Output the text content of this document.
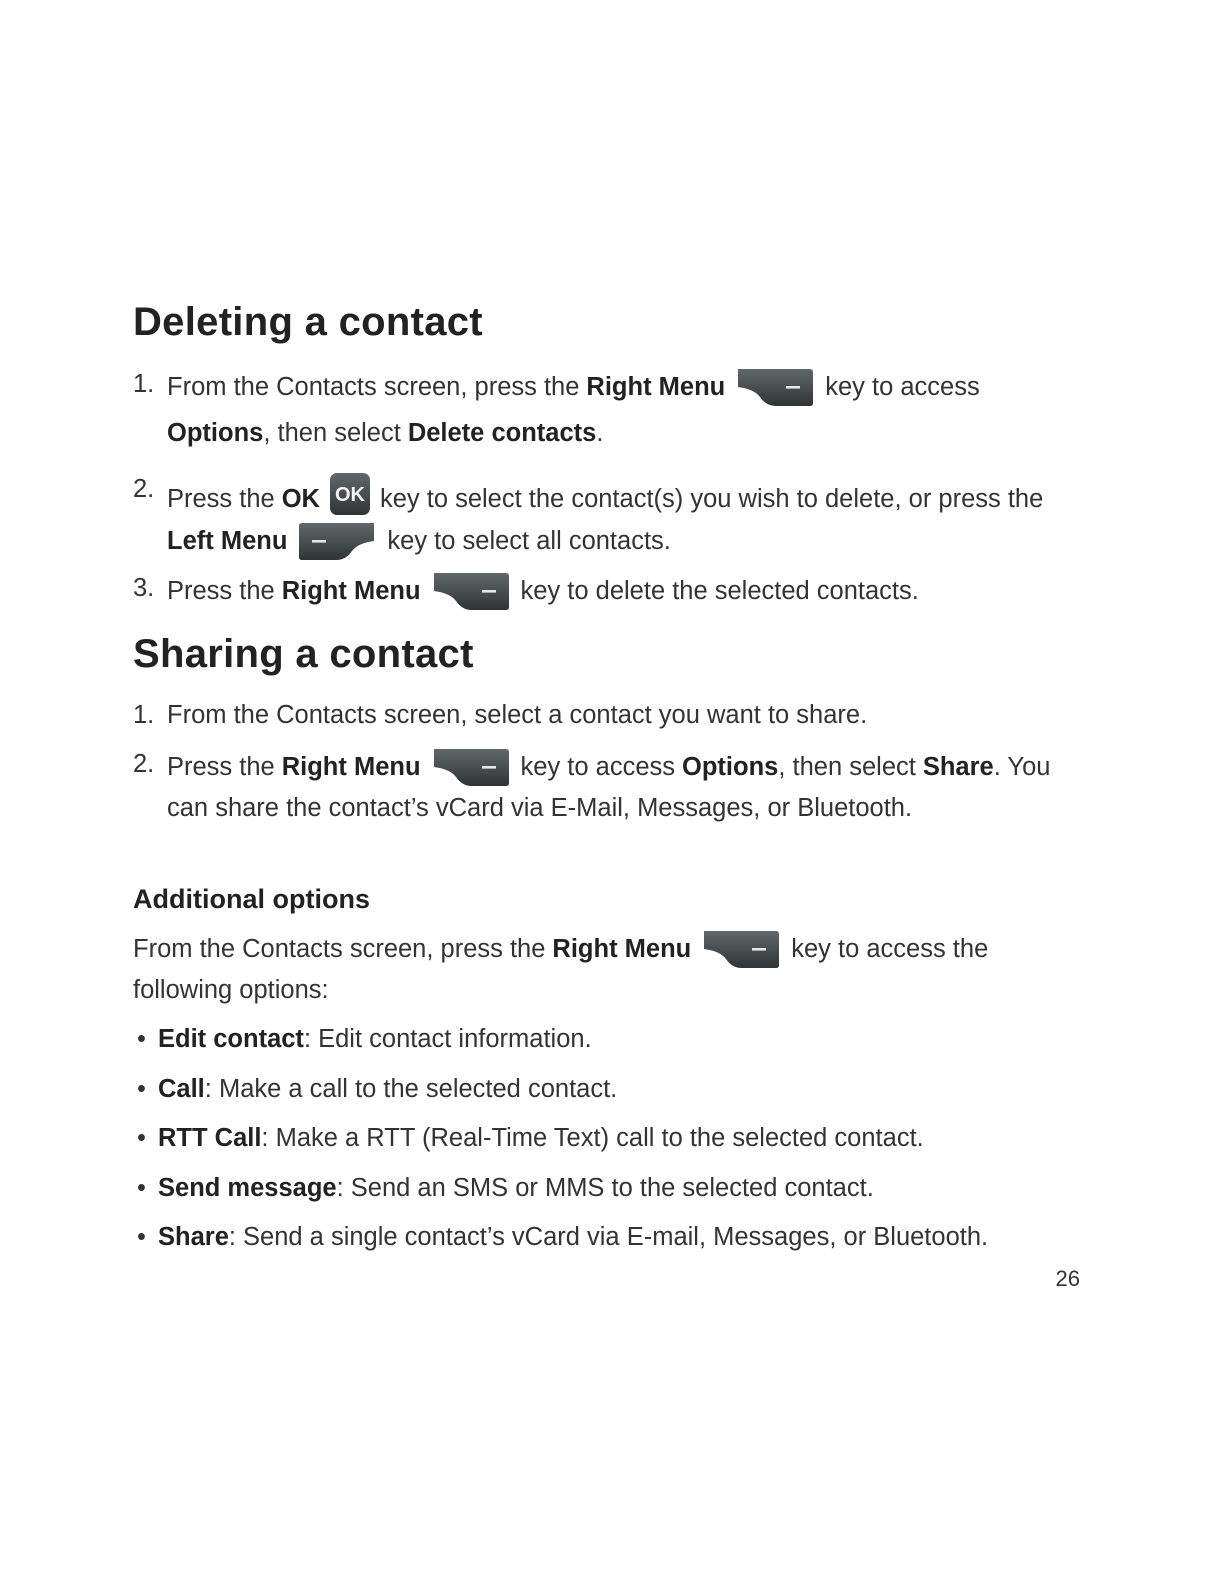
Deleting a contact
1. From the Contacts screen, press the Right Menu	key to access
Options , then select Delete contacts .
2. Press the OK OK key to select the contact(s) you wish to delete, or press the
Left Menu	key to select all contacts.
3. Press the Right Menu	key to delete the selected contacts.
Sharing a contact
1. From the Contacts screen, select a contact you want to share.
2. Press the Right Menu	key to access Options , then select Share . You
can share the contact’s vCard via E-Mail, Messages, or Bluetooth.
Additional options
From the Contacts screen, press the Right Menu	key to access the
following options:
• Edit contact : Edit contact information.
• Call : Make a call to the selected contact.
• RTT Call : Make a RTT (Real-Time Text) call to the selected contact.
• Send message : Send an SMS or MMS to the selected contact.
• Share : Send a single contact’s vCard via E-mail, Messages, or Bluetooth.
26
